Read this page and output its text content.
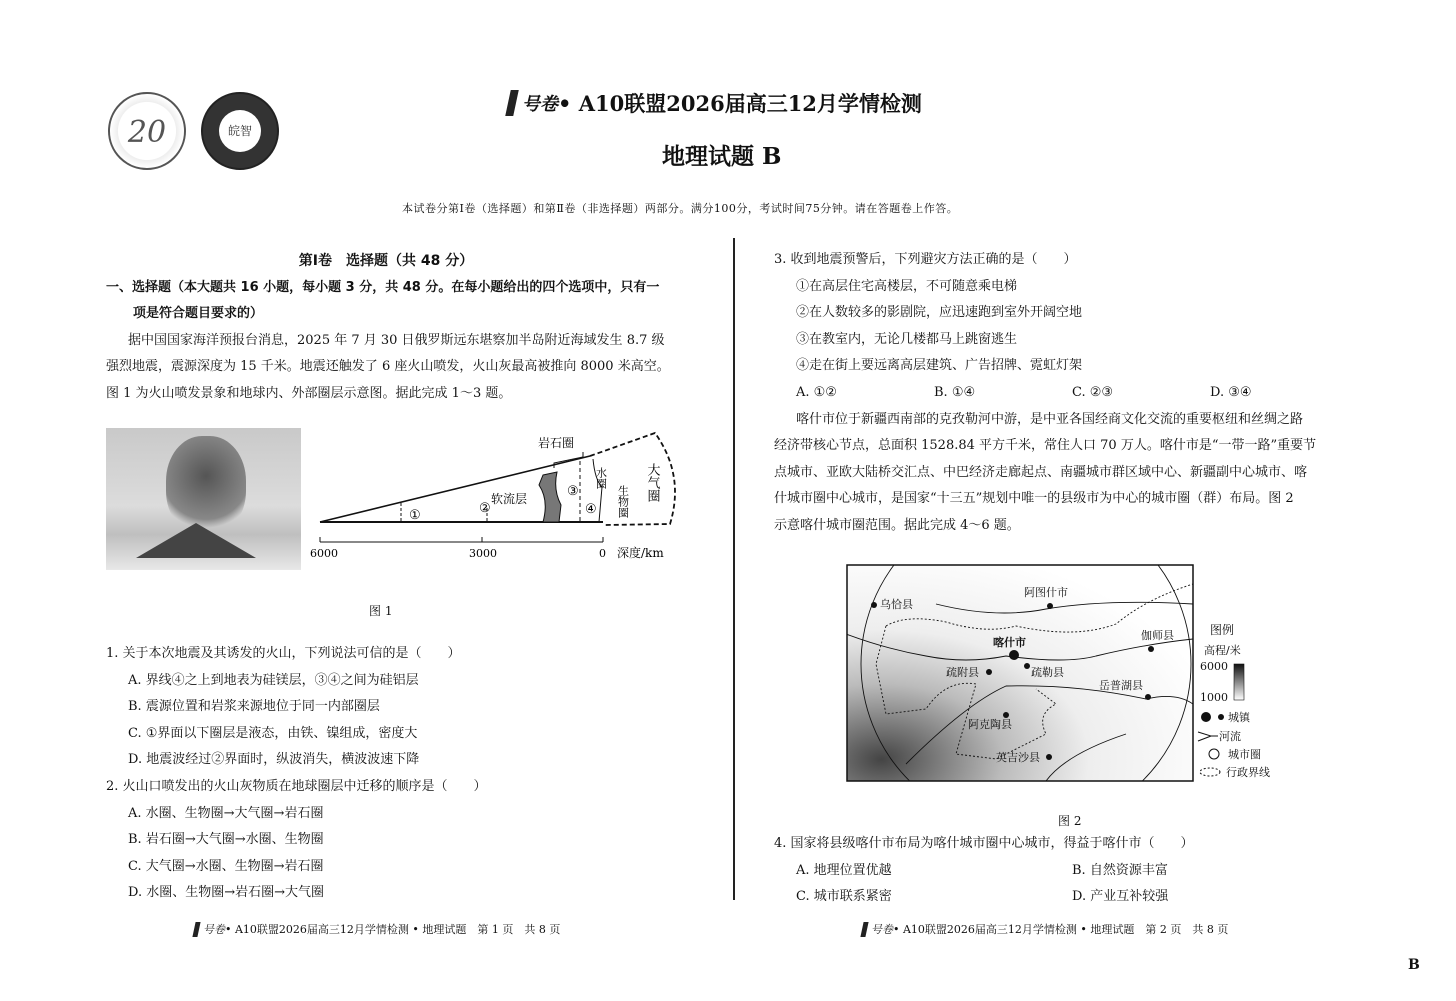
20	皖智
号卷 • A10联盟2026届高三12月学情检测
地理试题 B
本试卷分第Ⅰ卷（选择题）和第Ⅱ卷（非选择题）两部分。满分100分，考试时间75分钟。请在答题卷上作答。
第Ⅰ卷　选择题（共 48 分）
一、选择题（本大题共 16 小题，每小题 3 分，共 48 分。在每小题给出的四个选项中，只有一
项是符合题目要求的）
据中国国家海洋预报台消息，2025 年 7 月 30 日俄罗斯远东堪察加半岛附近海域发生 8.7 级
强烈地震，震源深度为 15 千米。地震还触发了 6 座火山喷发，火山灰最高被推向 8000 米高空。
图 1 为火山喷发景象和地球内、外部圈层示意图。据此完成 1～3 题。
岩石圈
软流层
水圈
生物圈 大气圈
①	②
③
④
6000	3000	0 深度/km
图 1
1. 关于本次地震及其诱发的火山，下列说法可信的是（　　）
A. 界线④之上到地表为硅镁层，③④之间为硅铝层
B. 震源位置和岩浆来源地位于同一内部圈层
C. ①界面以下圈层是液态，由铁、镍组成，密度大
D. 地震波经过②界面时，纵波消失，横波波速下降
2. 火山口喷发出的火山灰物质在地球圈层中迁移的顺序是（　　）
A. 水圈、生物圈→大气圈→岩石圈
B. 岩石圈→大气圈→水圈、生物圈
C. 大气圈→水圈、生物圈→岩石圈
D. 水圈、生物圈→岩石圈→大气圈
3. 收到地震预警后，下列避灾方法正确的是（　　）
①在高层住宅高楼层，不可随意乘电梯
②在人数较多的影剧院，应迅速跑到室外开阔空地
③在教室内，无论几楼都马上跳窗逃生
④走在街上要远离高层建筑、广告招牌、霓虹灯架
A. ①②	B. ①④	C. ②③	D. ③④
喀什市位于新疆西南部的克孜勒河中游，是中亚各国经商文化交流的重要枢纽和丝绸之路
经济带核心节点，总面积 1528.84 平方千米，常住人口 70 万人。喀什市是“一带一路”重要节
点城市、亚欧大陆桥交汇点、中巴经济走廊起点、南疆城市群区域中心、新疆副中心城市、喀
什城市圈中心城市，是国家“十三五”规划中唯一的县级市为中心的城市圈（群）布局。图 2
示意喀什城市圈范围。据此完成 4～6 题。
乌恰县
阿图什市
喀什市
伽师县
疏附县	疏勒县
岳普湖县
阿克陶县
英吉沙县
图例
高程/米
6000
1000
城镇
河流
城市圈
行政界线
图 2
4. 国家将县级喀什市布局为喀什城市圈中心城市，得益于喀什市（　　）
A. 地理位置优越	B. 自然资源丰富
C. 城市联系紧密	D. 产业互补较强
号卷 • A10联盟2026届高三12月学情检测 • 地理试题　第 1 页　共 8 页	号卷 • A10联盟2026届高三12月学情检测 • 地理试题　第 2 页　共 8 页
B
